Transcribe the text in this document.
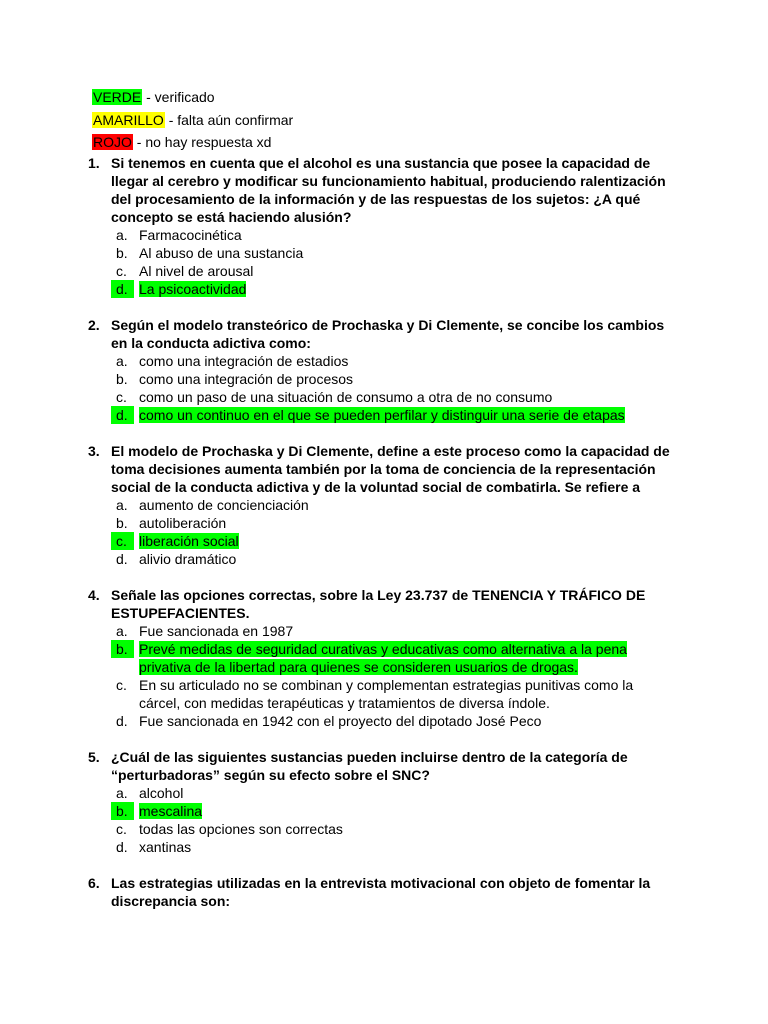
VERDE - verificado
AMARILLO - falta aún confirmar
ROJO - no hay respuesta xd
1. Si tenemos en cuenta que el alcohol es una sustancia que posee la capacidad de llegar al cerebro y modificar su funcionamiento habitual, produciendo ralentización del procesamiento de la información y de las respuestas de los sujetos: ¿A qué concepto se está haciendo alusión?
a. Farmacocinética
b. Al abuso de una sustancia
c. Al nivel de arousal
d. La psicoactividad
2. Según el modelo transteórico de Prochaska y Di Clemente, se concibe los cambios en la conducta adictiva como:
a. como una integración de estadios
b. como una integración de procesos
c. como un paso de una situación de consumo a otra de no consumo
d. como un continuo en el que se pueden perfilar y distinguir una serie de etapas
3. El modelo de Prochaska y Di Clemente, define a este proceso como la capacidad de toma decisiones aumenta también por la toma de conciencia de la representación social de la conducta adictiva y de la voluntad social de combatirla. Se refiere a
a. aumento de concienciación
b. autoliberación
c. liberación social
d. alivio dramático
4. Señale las opciones correctas, sobre la Ley 23.737 de TENENCIA Y TRÁFICO DE ESTUPEFACIENTES.
a. Fue sancionada en 1987
b. Prevé medidas de seguridad curativas y educativas como alternativa a la pena privativa de la libertad para quienes se consideren usuarios de drogas.
c. En su articulado no se combinan y complementan estrategias punitivas como la cárcel, con medidas terapéuticas y tratamientos de diversa índole.
d. Fue sancionada en 1942 con el proyecto del dipotado José Peco
5. ¿Cuál de las siguientes sustancias pueden incluirse dentro de la categoría de “perturbadoras” según su efecto sobre el SNC?
a. alcohol
b. mescalina
c. todas las opciones son correctas
d. xantinas
6. Las estrategias utilizadas en la entrevista motivacional con objeto de fomentar la discrepancia son:
